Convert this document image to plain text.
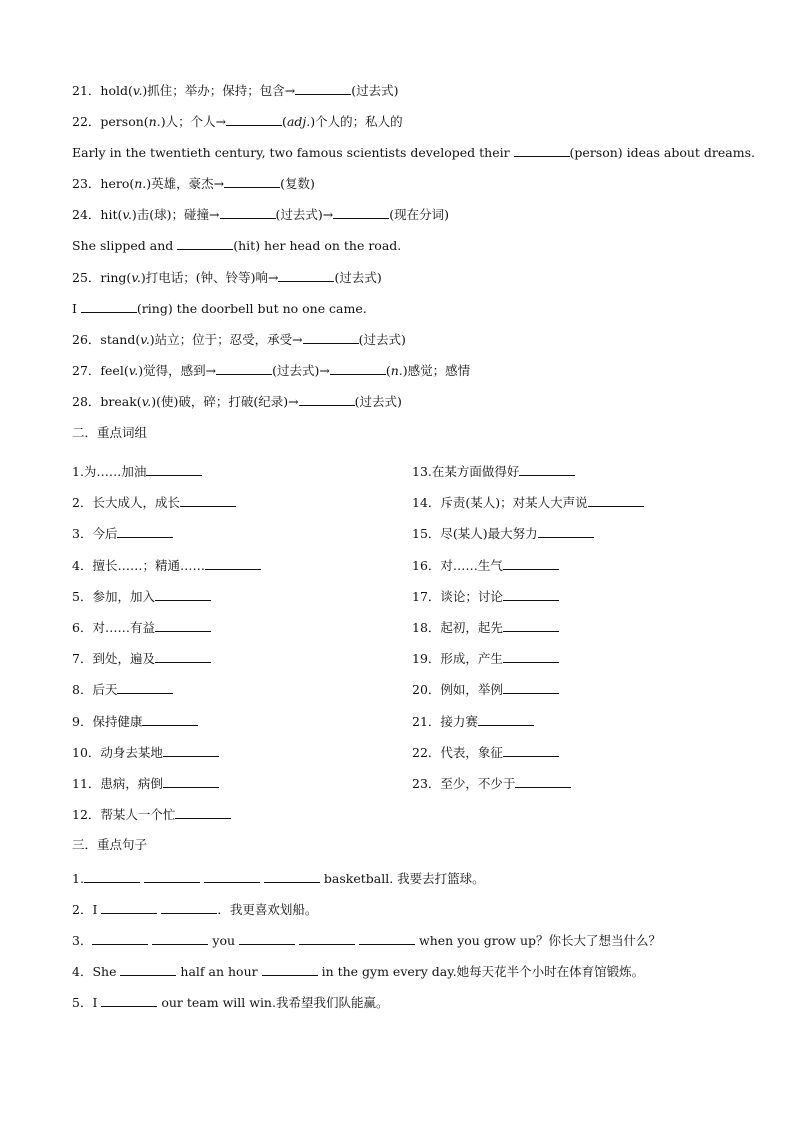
21．hold(v.)抓住；举办；保持；包含→	(过去式)
22．person(n.)人；个人→	(adj.)个人的；私人的
Early in the twentieth century, two famous scientists developed their	(person) ideas about dreams.
23．hero(n.)英雄，豪杰→	(复数)
24．hit(v.)击(球)；碰撞→	(过去式)→	(现在分词)
She slipped and	(hit) her head on the road.
25．ring(v.)打电话；(钟、铃等)响→	(过去式)
I	(ring) the doorbell but no one came.
26．stand(v.)站立；位于；忍受，承受→	(过去式)
27．feel(v.)觉得，感到→	(过去式)→	(n.)感觉；感情
28．break(v.)(使)破，碎；打破(纪录)→	(过去式)
二．重点词组
1.为……加油
2．长大成人，成长
3．今后
4．擅长……；精通……
5．参加，加入
6．对……有益
7．到处，遍及
8．后天
9．保持健康
10．动身去某地
11．患病，病倒
12．帮某人一个忙
13.在某方面做得好
14．斥责(某人)；对某人大声说
15．尽(某人)最大努力
16．对……生气
17．谈论；讨论
18．起初，起先
19．形成，产生
20．例如，举例
21．接力赛
22．代表，象征
23．至少，不少于
三．重点句子
1.	basketball. 我要去打篮球。
2．I	．我更喜欢划船。
3．	you	when you grow up？你长大了想当什么？
4．She	half an hour	in the gym every day.她每天花半个小时在体育馆锻炼。
5．I	our team will win.我希望我们队能赢。
